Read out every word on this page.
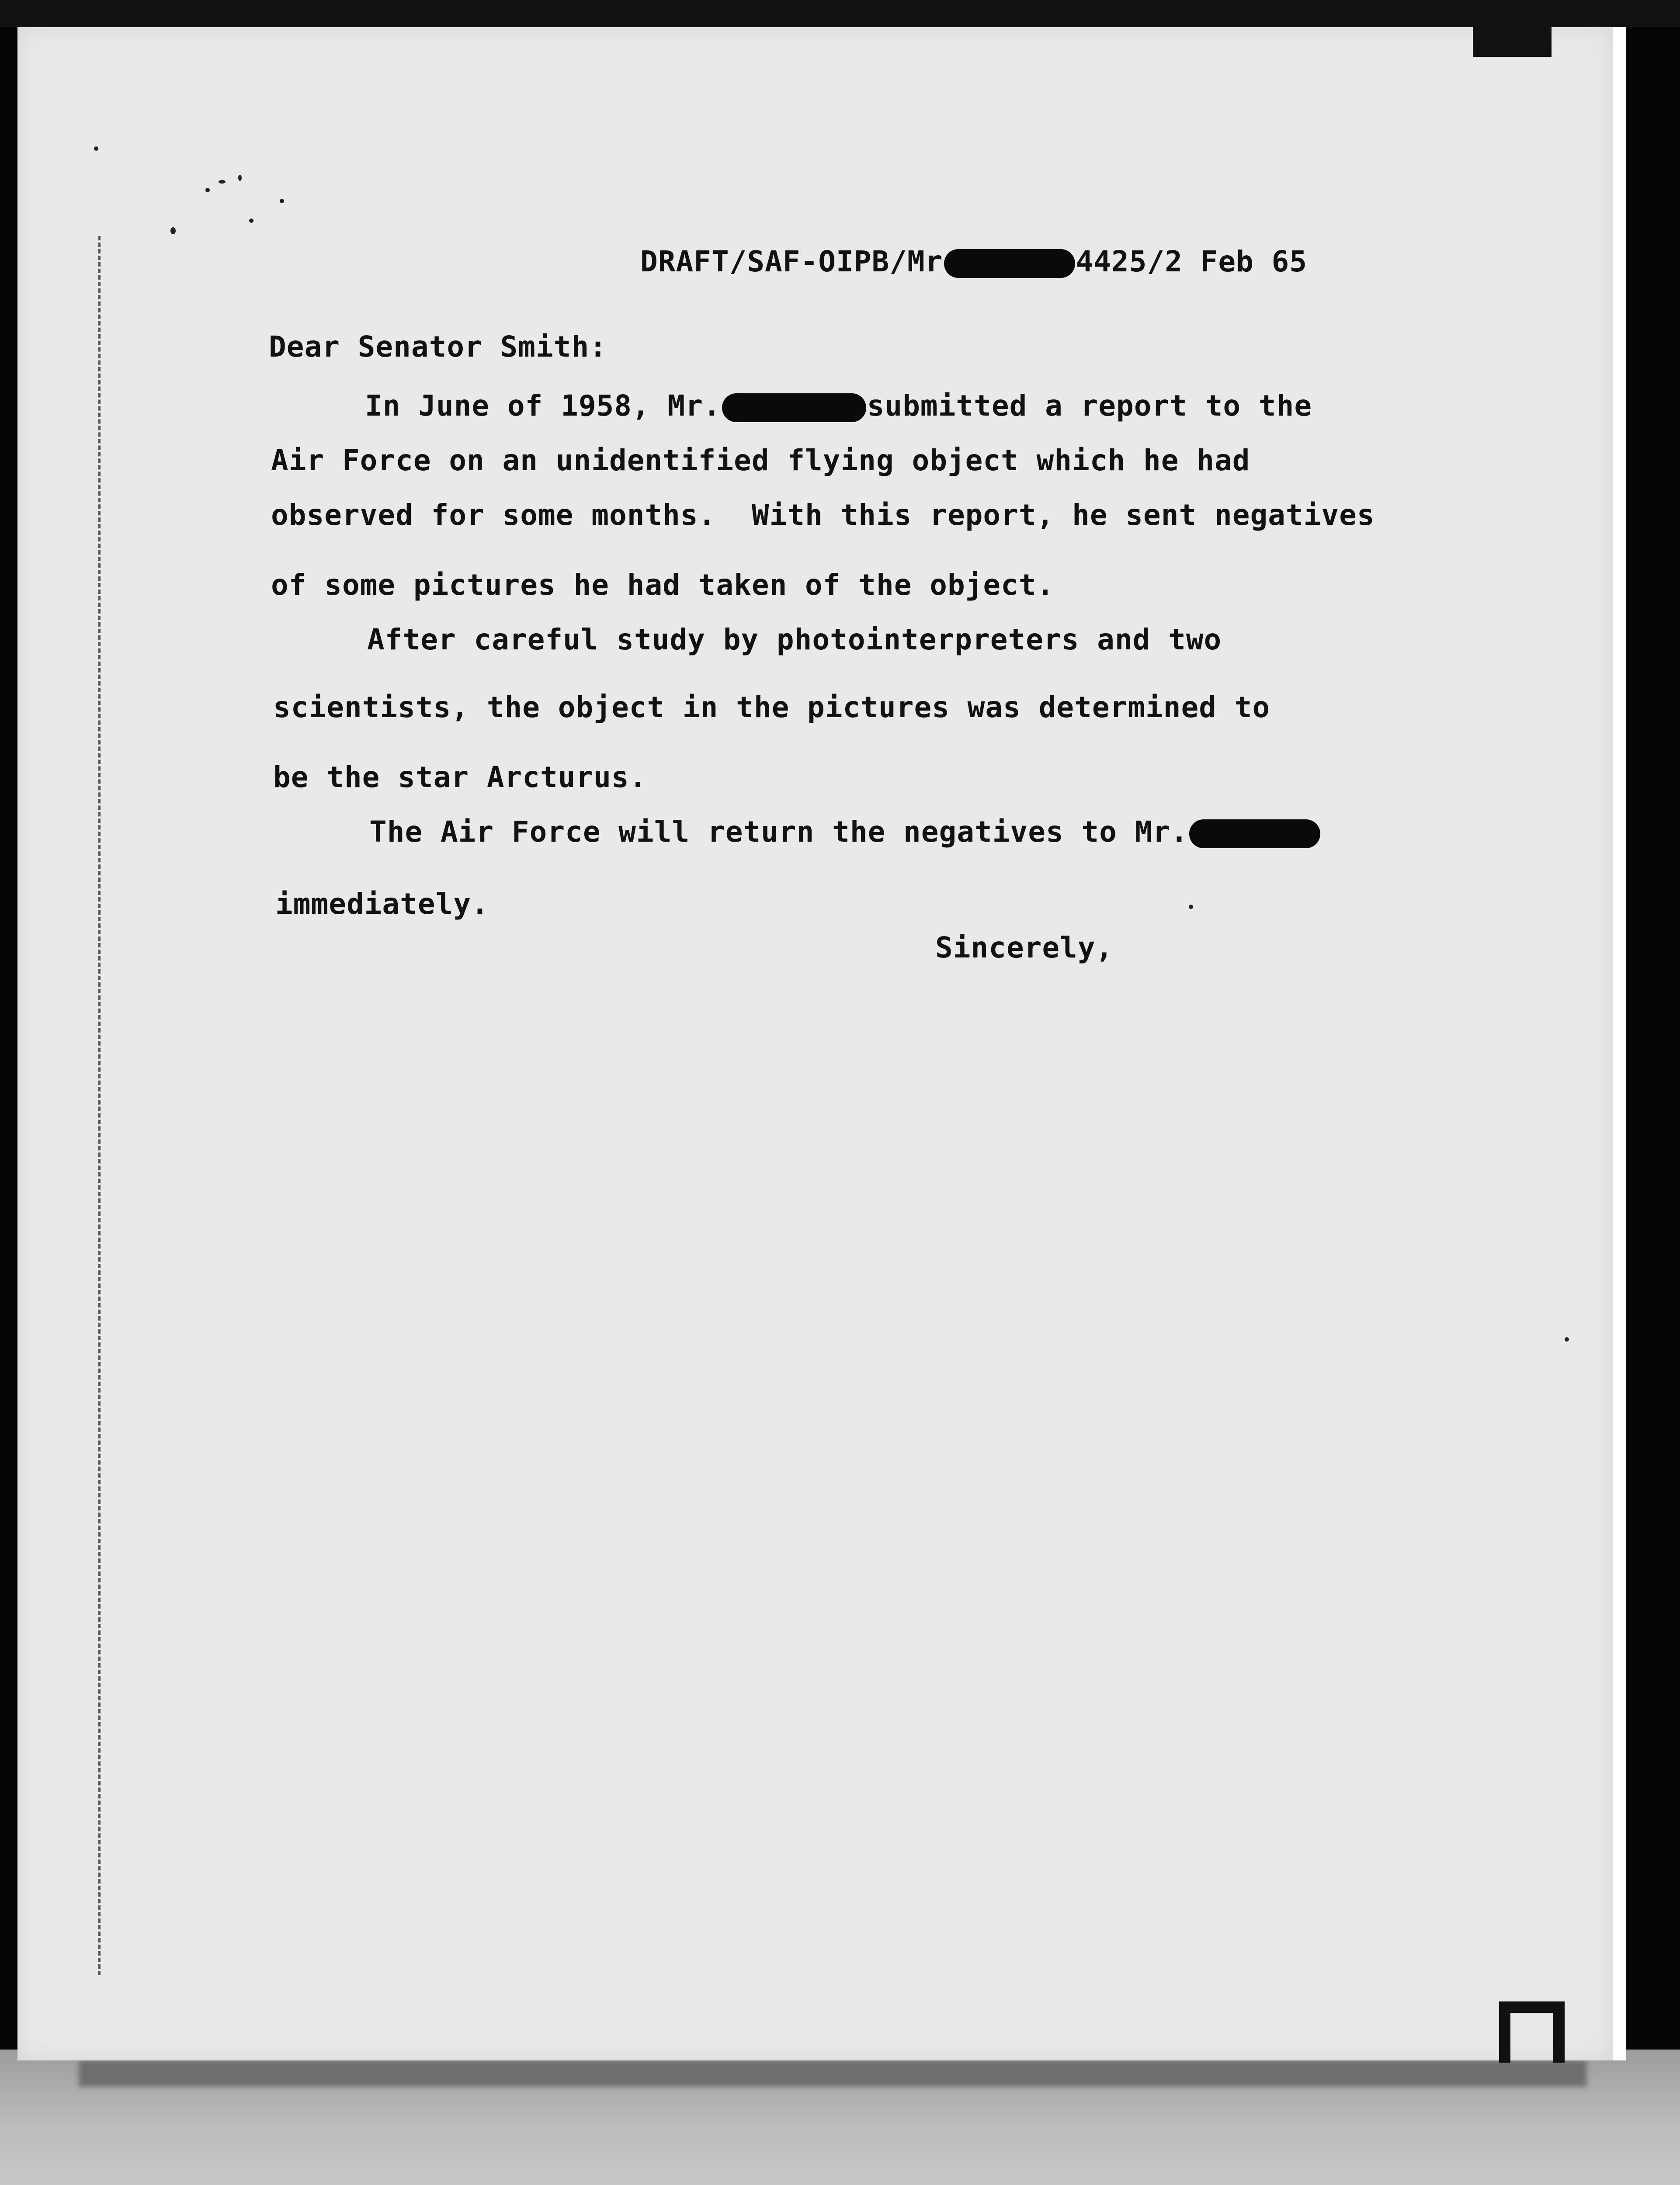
DRAFT/SAF-OIPB/Mr	4425/2 Feb 65
Dear Senator Smith:
In June of 1958, Mr.	submitted a report to the
Air Force on an unidentified flying object which he had
observed for some months.  With this report, he sent negatives
of some pictures he had taken of the object.
After careful study by photointerpreters and two
scientists, the object in the pictures was determined to
be the star Arcturus.
The Air Force will return the negatives to Mr.
immediately.
Sincerely,
